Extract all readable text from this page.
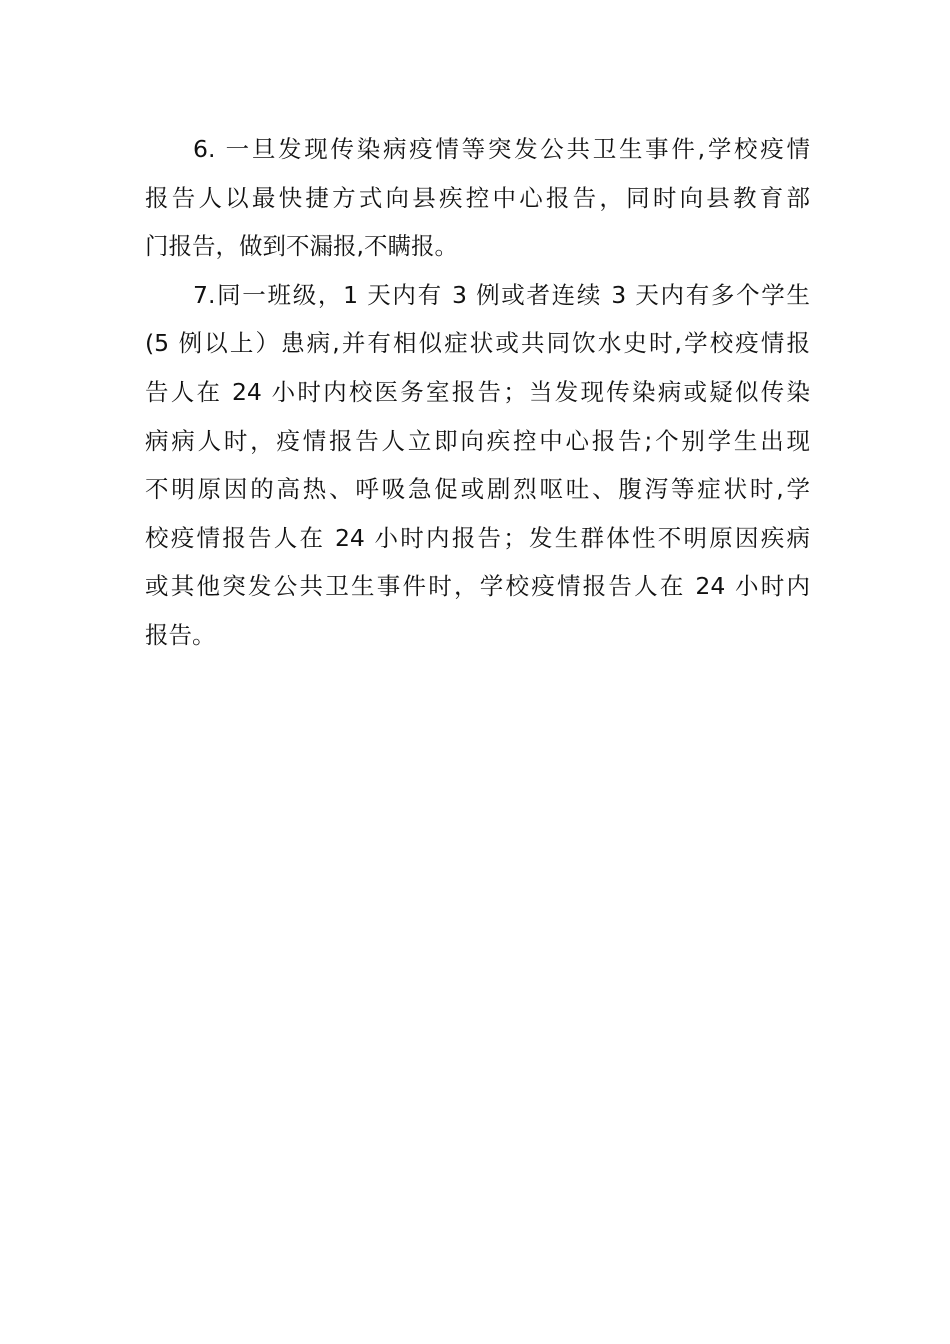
6. 一旦发现传染病疫情等突发公共卫生事件,学校疫情
报告人以最快捷方式向县疾控中心报告，同时向县教育部
门报告，做到不漏报,不瞒报。
7.同一班级，1 天内有 3 例或者连续 3 天内有多个学生
(5 例以上）患病,并有相似症状或共同饮水史时,学校疫情报
告人在 24 小时内校医务室报告；当发现传染病或疑似传染
病病人时，疫情报告人立即向疾控中心报告;个别学生出现
不明原因的高热、呼吸急促或剧烈呕吐、腹泻等症状时,学
校疫情报告人在 24 小时内报告；发生群体性不明原因疾病
或其他突发公共卫生事件时，学校疫情报告人在 24 小时内
报告。
